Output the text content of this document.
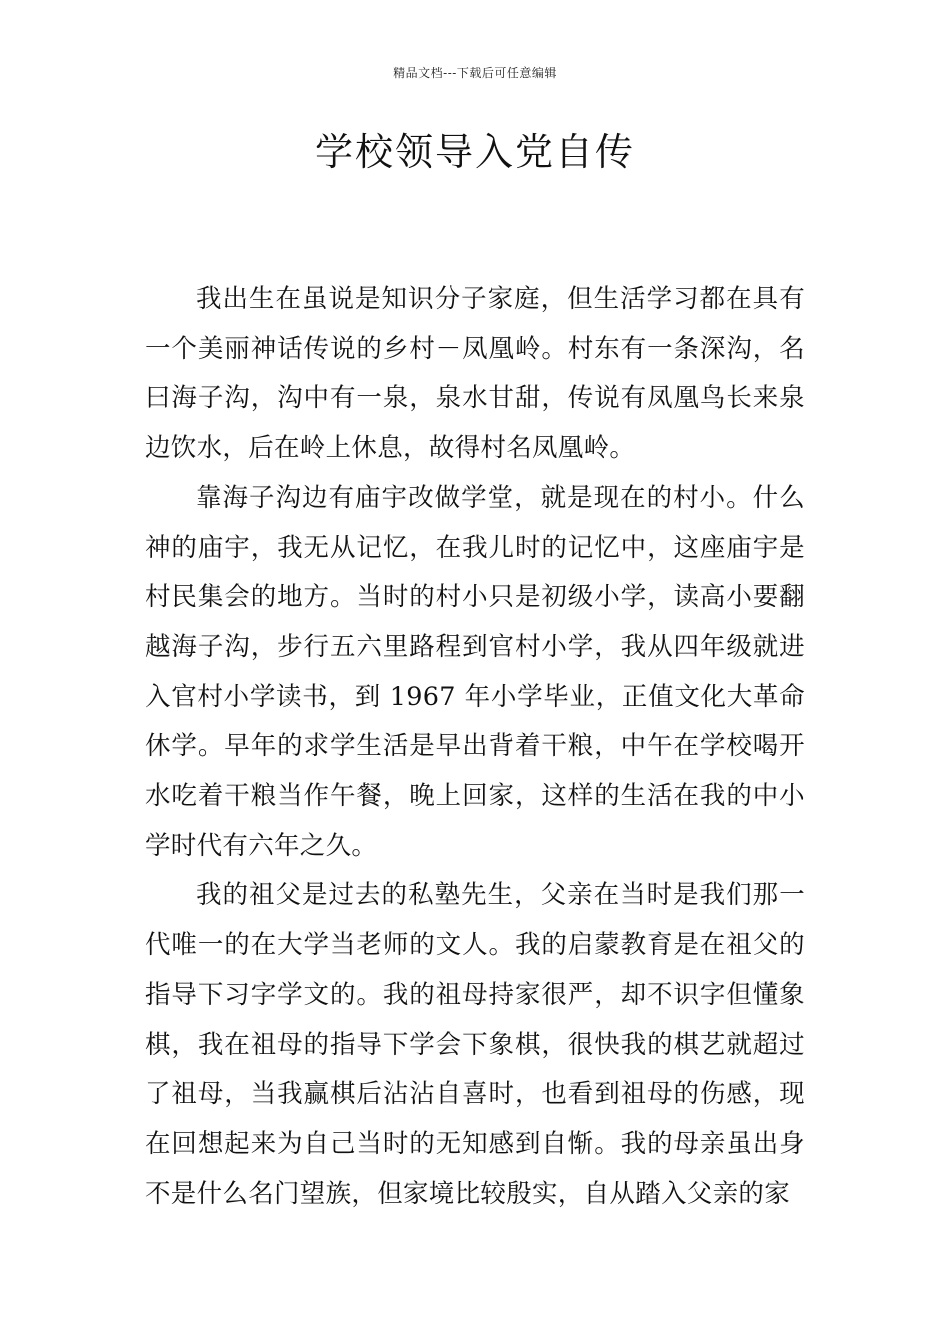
精品文档---下载后可任意编辑
学校领导入党自传

我出生在虽说是知识分子家庭，但生活学习都在具有一个美丽神话传说的乡村－凤凰岭。村东有一条深沟，名曰海子沟，沟中有一泉，泉水甘甜，传说有凤凰鸟长来泉边饮水，后在岭上休息，故得村名凤凰岭。

靠海子沟边有庙宇改做学堂，就是现在的村小。什么神的庙宇，我无从记忆，在我儿时的记忆中，这座庙宇是村民集会的地方。当时的村小只是初级小学，读高小要翻越海子沟，步行五六里路程到官村小学，我从四年级就进入官村小学读书，到 1967 年小学毕业，正值文化大革命休学。早年的求学生活是早出背着干粮，中午在学校喝开水吃着干粮当作午餐，晚上回家，这样的生活在我的中小学时代有六年之久。

我的祖父是过去的私塾先生，父亲在当时是我们那一代唯一的在大学当老师的文人。我的启蒙教育是在祖父的指导下习字学文的。我的祖母持家很严，却不识字但懂象棋，我在祖母的指导下学会下象棋，很快我的棋艺就超过了祖母，当我赢棋后沾沾自喜时，也看到祖母的伤感，现在回想起来为自己当时的无知感到自惭。我的母亲虽出身不是什么名门望族，但家境比较殷实，自从踏入父亲的家
